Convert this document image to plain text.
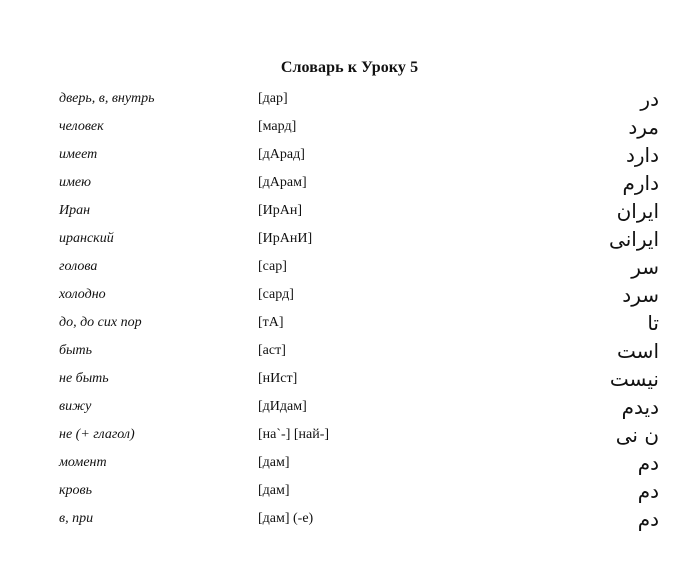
Словарь к Уроку 5
дверь, в, внутрь	[дар]	در
человек	[мард]	مرد
имеет	[дАрад]	دارد
имею	[дАрам]	دارم
Иран	[ИрАн]	ایران
иранский	[ИрАнИ]	ایرانی
голова	[сар]	سر
холодно	[сард]	سرد
до, до сих пор	[тА]	تا
быть	[аст]	است
не быть	[нИст]	نیست
вижу	[дИдам]	دیدم
не (+ глагол)	[на`-] [най-]	ن نی
момент	[дам]	دم
кровь	[дам]	دم
в, при	[дам] (-е)	دم
